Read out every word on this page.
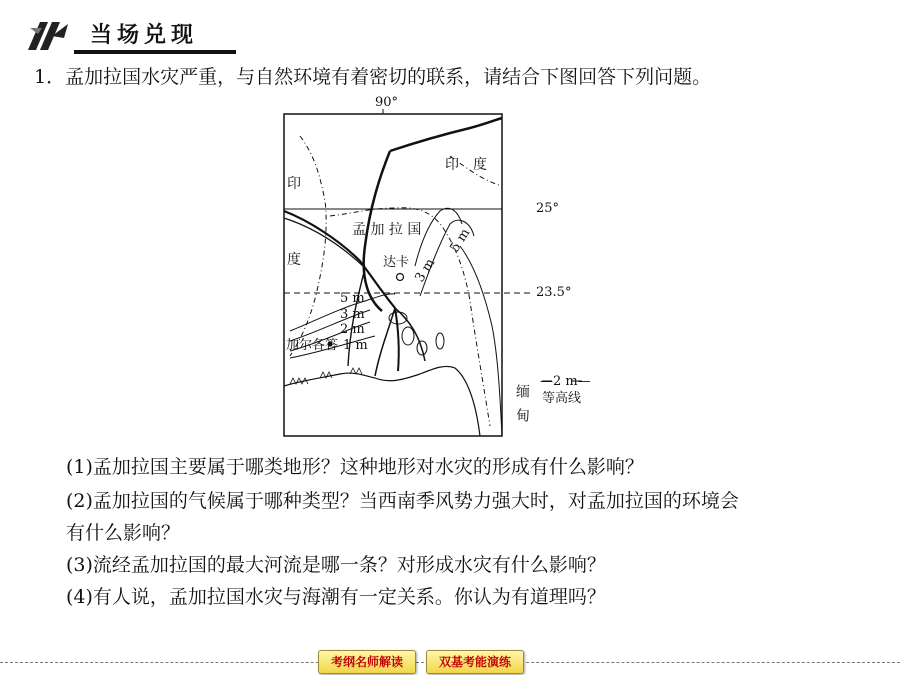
当场兑现
1．孟加拉国水灾严重，与自然环境有着密切的联系，请结合下图回答下列问题。
90°
印　度
印
度
25°
23.5°
孟 加 拉 国
达卡
5 m
3 m
2 m
1 m
5 m
3 m
加尔各答
缅甸
—2 m—
等高线
(1)孟加拉国主要属于哪类地形？这种地形对水灾的形成有什么影响？
(2)孟加拉国的气候属于哪种类型？当西南季风势力强大时，对孟加拉国的环境会
有什么影响？
(3)流经孟加拉国的最大河流是哪一条？对形成水灾有什么影响？
(4)有人说，孟加拉国水灾与海潮有一定关系。你认为有道理吗？
考纲名师解读	双基考能演练
